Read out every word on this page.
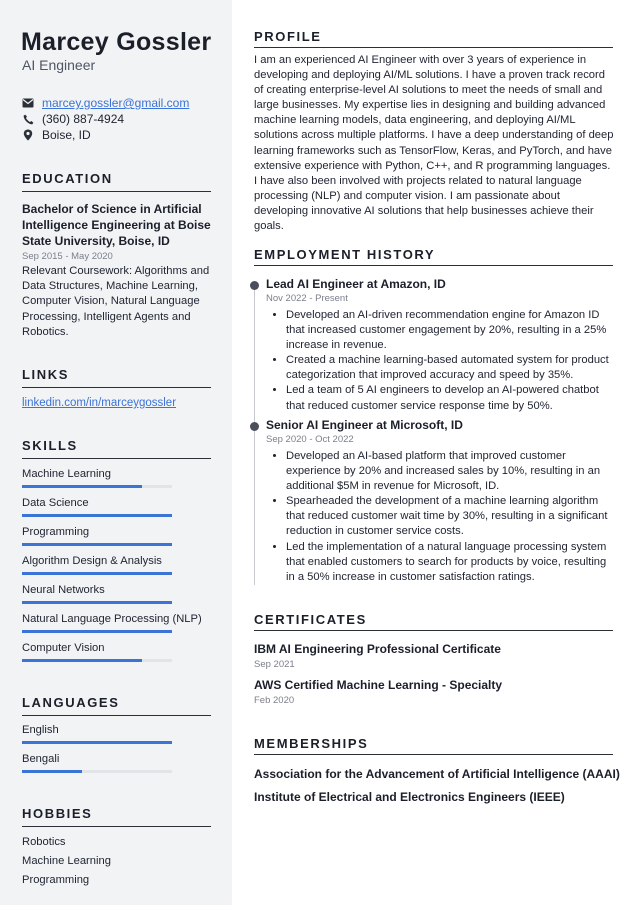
Marcey Gossler
AI Engineer
marcey.gossler@gmail.com
(360) 887-4924
Boise, ID
EDUCATION
Bachelor of Science in Artificial Intelligence Engineering at Boise State University, Boise, ID
Sep 2015 - May 2020
Relevant Coursework: Algorithms and Data Structures, Machine Learning, Computer Vision, Natural Language Processing, Intelligent Agents and Robotics.
LINKS
linkedin.com/in/marceygossler
SKILLS
Machine Learning
Data Science
Programming
Algorithm Design & Analysis
Neural Networks
Natural Language Processing (NLP)
Computer Vision
LANGUAGES
English
Bengali
HOBBIES
Robotics
Machine Learning
Programming
PROFILE
I am an experienced AI Engineer with over 3 years of experience in developing and deploying AI/ML solutions. I have a proven track record of creating enterprise-level AI solutions to meet the needs of small and large businesses. My expertise lies in designing and building advanced machine learning models, data engineering, and deploying AI/ML solutions across multiple platforms. I have a deep understanding of deep learning frameworks such as TensorFlow, Keras, and PyTorch, and have extensive experience with Python, C++, and R programming languages. I have also been involved with projects related to natural language processing (NLP) and computer vision. I am passionate about developing innovative AI solutions that help businesses achieve their goals.
EMPLOYMENT HISTORY
Lead AI Engineer at Amazon, ID
Nov 2022 - Present
• Developed an AI-driven recommendation engine for Amazon ID that increased customer engagement by 20%, resulting in a 25% increase in revenue.
• Created a machine learning-based automated system for product categorization that improved accuracy and speed by 35%.
• Led a team of 5 AI engineers to develop an AI-powered chatbot that reduced customer service response time by 50%.
Senior AI Engineer at Microsoft, ID
Sep 2020 - Oct 2022
• Developed an AI-based platform that improved customer experience by 20% and increased sales by 10%, resulting in an additional $5M in revenue for Microsoft, ID.
• Spearheaded the development of a machine learning algorithm that reduced customer wait time by 30%, resulting in a significant reduction in customer service costs.
• Led the implementation of a natural language processing system that enabled customers to search for products by voice, resulting in a 50% increase in customer satisfaction ratings.
CERTIFICATES
IBM AI Engineering Professional Certificate
Sep 2021
AWS Certified Machine Learning - Specialty
Feb 2020
MEMBERSHIPS
Association for the Advancement of Artificial Intelligence (AAAI)
Institute of Electrical and Electronics Engineers (IEEE)
